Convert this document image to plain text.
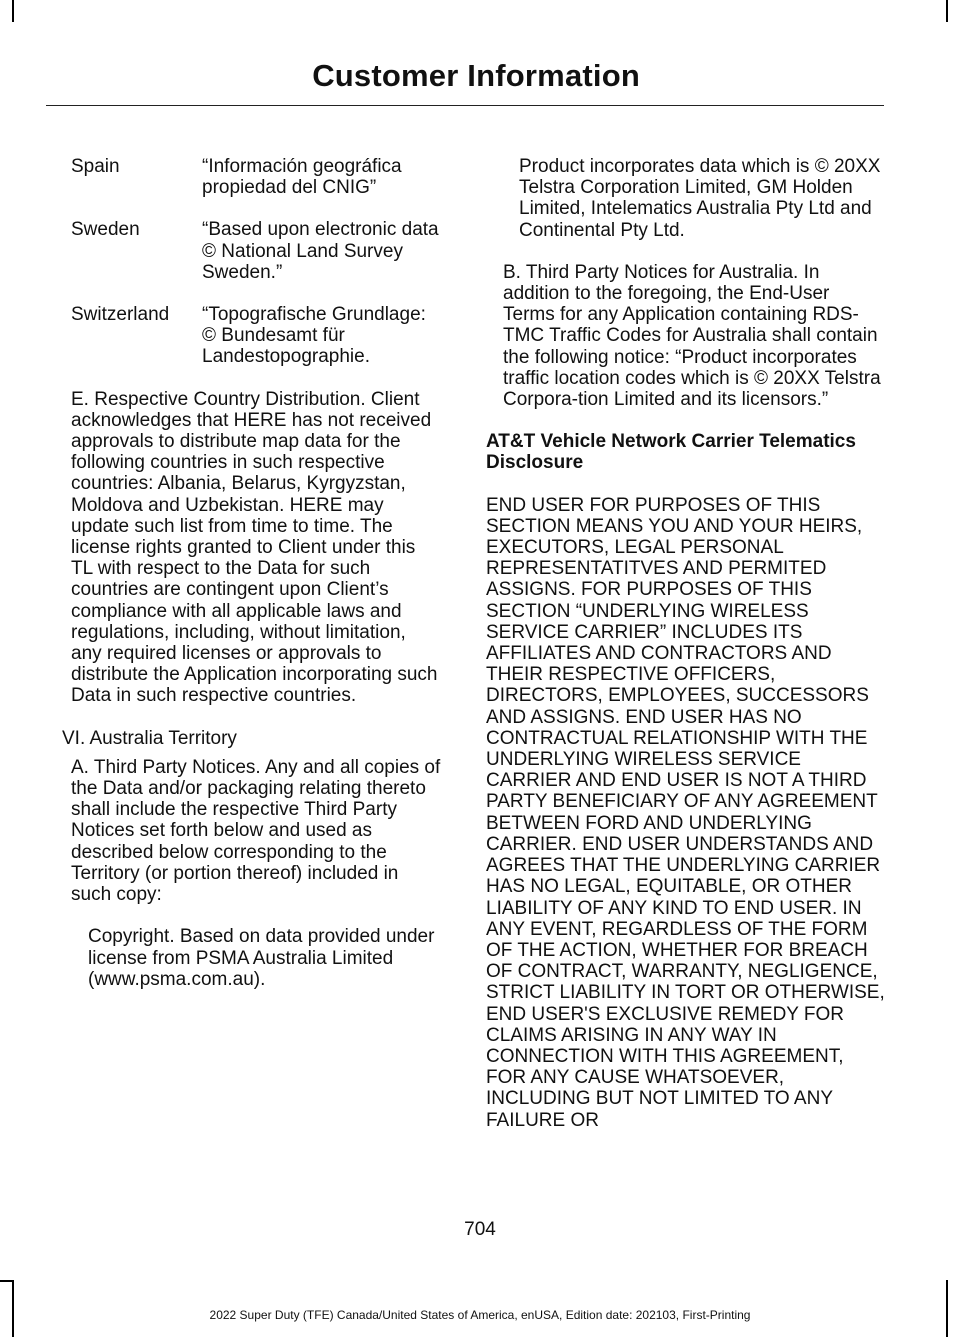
Customer Information
Spain	“Información geográfica propiedad del CNIG”
Sweden	“Based upon electronic data © National Land Survey Sweden.”
Switzerland	“Topografische Grundlage: © Bundesamt für Landestopographie.

E. Respective Country Distribution. Client acknowledges that HERE has not received approvals to distribute map data for the following countries in such respective countries: Albania, Belarus, Kyrgyzstan, Moldova and Uzbekistan. HERE may update such list from time to time. The license rights granted to Client under this TL with respect to the Data for such countries are contingent upon Client’s compliance with all applicable laws and regulations, including, without limitation, any required licenses or approvals to distribute the Application incorporating such Data in such respective countries.

VI. Australia Territory

A. Third Party Notices. Any and all copies of the Data and/or packaging relating thereto shall include the respective Third Party Notices set forth below and used as described below corresponding to the Territory (or portion thereof) included in such copy:

Copyright. Based on data provided under license from PSMA Australia Limited (www.psma.com.au).

Product incorporates data which is © 20XX Telstra Corporation Limited, GM Holden Limited, Intelematics Australia Pty Ltd and Continental Pty Ltd.

B. Third Party Notices for Australia. In addition to the foregoing, the End-User Terms for any Application containing RDS-TMC Traffic Codes for Australia shall contain the following notice: “Product incorporates traffic location codes which is © 20XX Telstra Corpora-tion Limited and its licensors.”

AT&T Vehicle Network Carrier Telematics Disclosure

END USER FOR PURPOSES OF THIS SECTION MEANS YOU AND YOUR HEIRS, EXECUTORS, LEGAL PERSONAL REPRESENTATITVES AND PERMITED ASSIGNS. FOR PURPOSES OF THIS SECTION “UNDERLYING WIRELESS SERVICE CARRIER” INCLUDES ITS AFFILIATES AND CONTRACTORS AND THEIR RESPECTIVE OFFICERS, DIRECTORS, EMPLOYEES, SUCCESSORS AND ASSIGNS. END USER HAS NO CONTRACTUAL RELATIONSHIP WITH THE UNDERLYING WIRELESS SERVICE CARRIER AND END USER IS NOT A THIRD PARTY BENEFICIARY OF ANY AGREEMENT BETWEEN FORD AND UNDERLYING CARRIER. END USER UNDERSTANDS AND AGREES THAT THE UNDERLYING CARRIER HAS NO LEGAL, EQUITABLE, OR OTHER LIABILITY OF ANY KIND TO END USER. IN ANY EVENT, REGARDLESS OF THE FORM OF THE ACTION, WHETHER FOR BREACH OF CONTRACT, WARRANTY, NEGLIGENCE, STRICT LIABILITY IN TORT OR OTHERWISE, END USER'S EXCLUSIVE REMEDY FOR CLAIMS ARISING IN ANY WAY IN CONNECTION WITH THIS AGREEMENT, FOR ANY CAUSE WHATSOEVER, INCLUDING BUT NOT LIMITED TO ANY FAILURE OR

704
2022 Super Duty (TFE) Canada/United States of America, enUSA, Edition date: 202103, First-Printing
